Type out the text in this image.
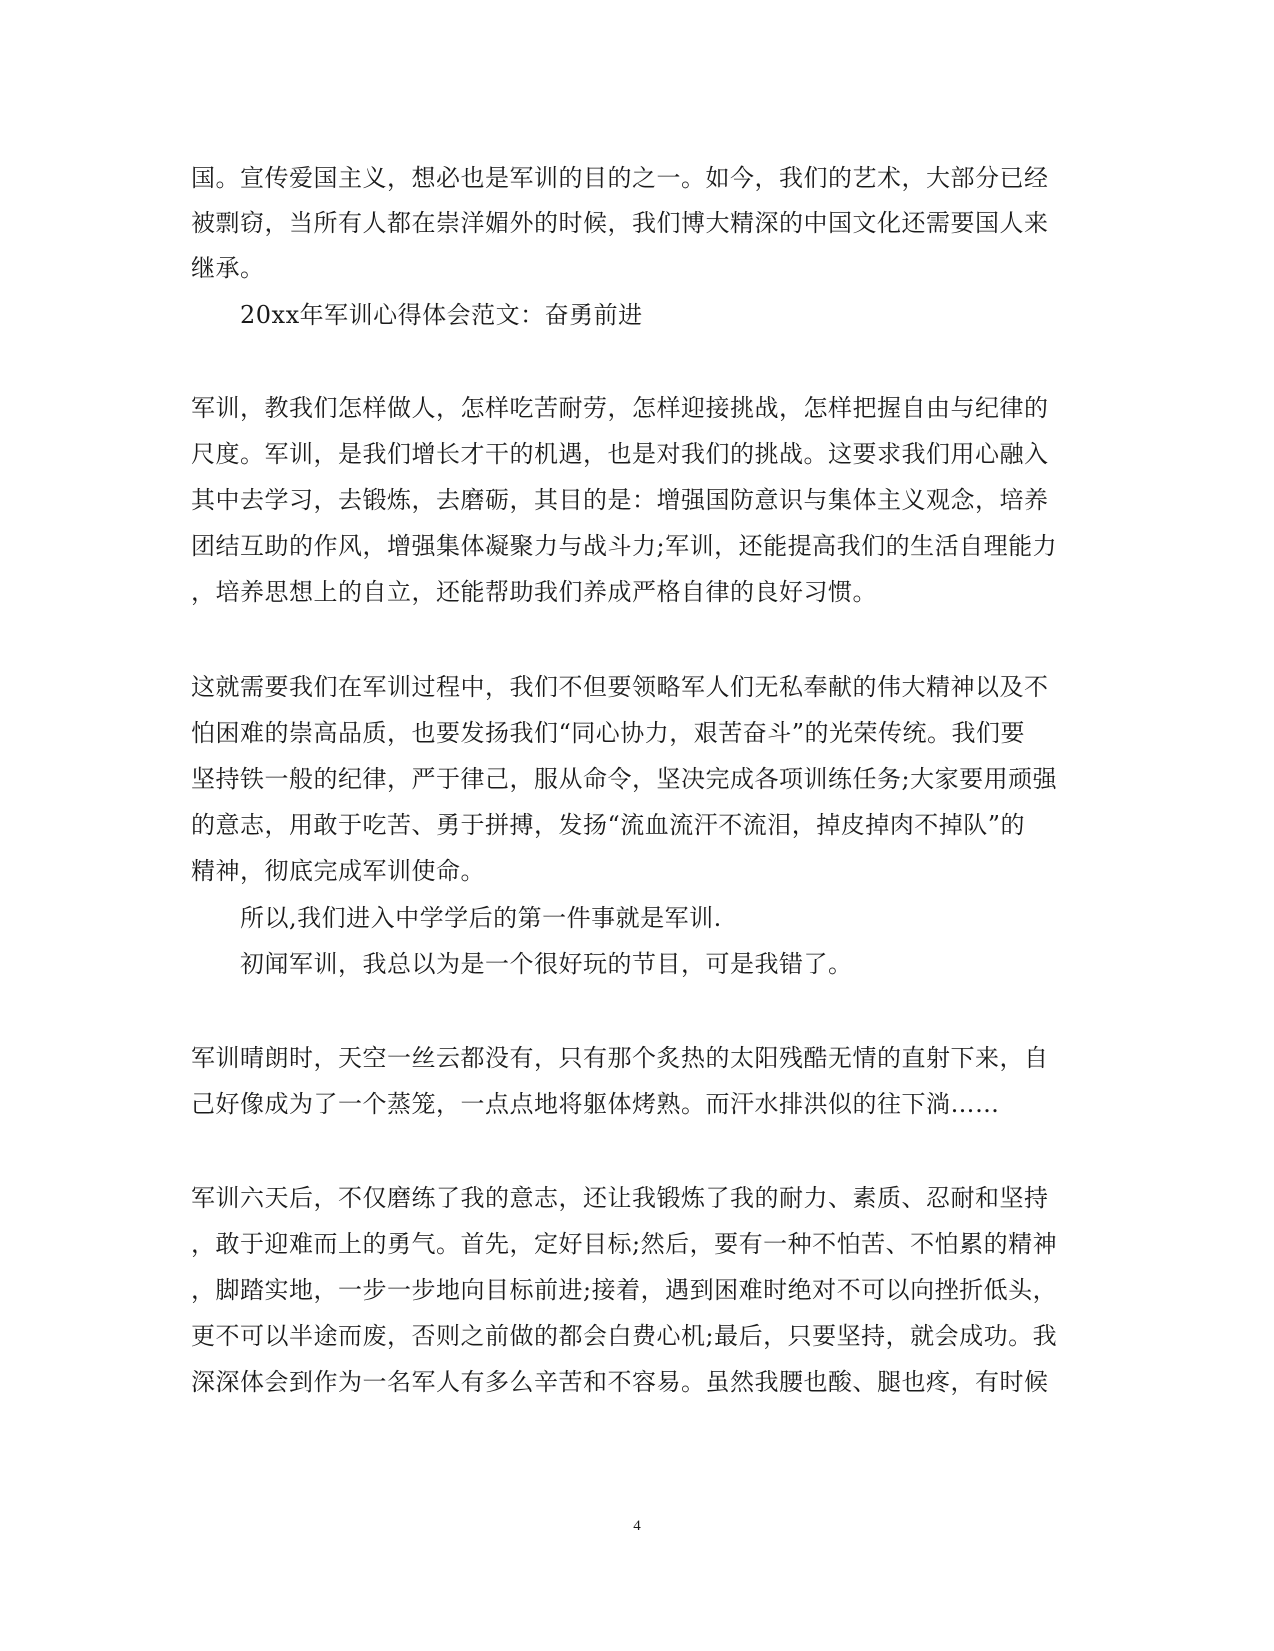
国。宣传爱国主义，想必也是军训的目的之一。如今，我们的艺术，大部分已经
被剽窃，当所有人都在崇洋媚外的时候，我们博大精深的中国文化还需要国人来
继承。
20xx年军训心得体会范文：奋勇前进
军训，教我们怎样做人，怎样吃苦耐劳，怎样迎接挑战，怎样把握自由与纪律的
尺度。军训，是我们增长才干的机遇，也是对我们的挑战。这要求我们用心融入
其中去学习，去锻炼，去磨砺，其目的是：增强国防意识与集体主义观念，培养
团结互助的作风，增强集体凝聚力与战斗力;军训，还能提高我们的生活自理能力
，培养思想上的自立，还能帮助我们养成严格自律的良好习惯。
这就需要我们在军训过程中，我们不但要领略军人们无私奉献的伟大精神以及不
怕困难的崇高品质，也要发扬我们“同心协力，艰苦奋斗”的光荣传统。我们要
坚持铁一般的纪律，严于律己，服从命令，坚决完成各项训练任务;大家要用顽强
的意志，用敢于吃苦、勇于拼搏，发扬“流血流汗不流泪，掉皮掉肉不掉队”的
精神，彻底完成军训使命。
所以,我们进入中学学后的第一件事就是军训.
初闻军训，我总以为是一个很好玩的节目，可是我错了。
军训晴朗时，天空一丝云都没有，只有那个炙热的太阳残酷无情的直射下来，自
己好像成为了一个蒸笼，一点点地将躯体烤熟。而汗水排洪似的往下淌……
军训六天后，不仅磨练了我的意志，还让我锻炼了我的耐力、素质、忍耐和坚持
，敢于迎难而上的勇气。首先，定好目标;然后，要有一种不怕苦、不怕累的精神
，脚踏实地，一步一步地向目标前进;接着，遇到困难时绝对不可以向挫折低头，
更不可以半途而废，否则之前做的都会白费心机;最后，只要坚持，就会成功。我
深深体会到作为一名军人有多么辛苦和不容易。虽然我腰也酸、腿也疼，有时候
4
